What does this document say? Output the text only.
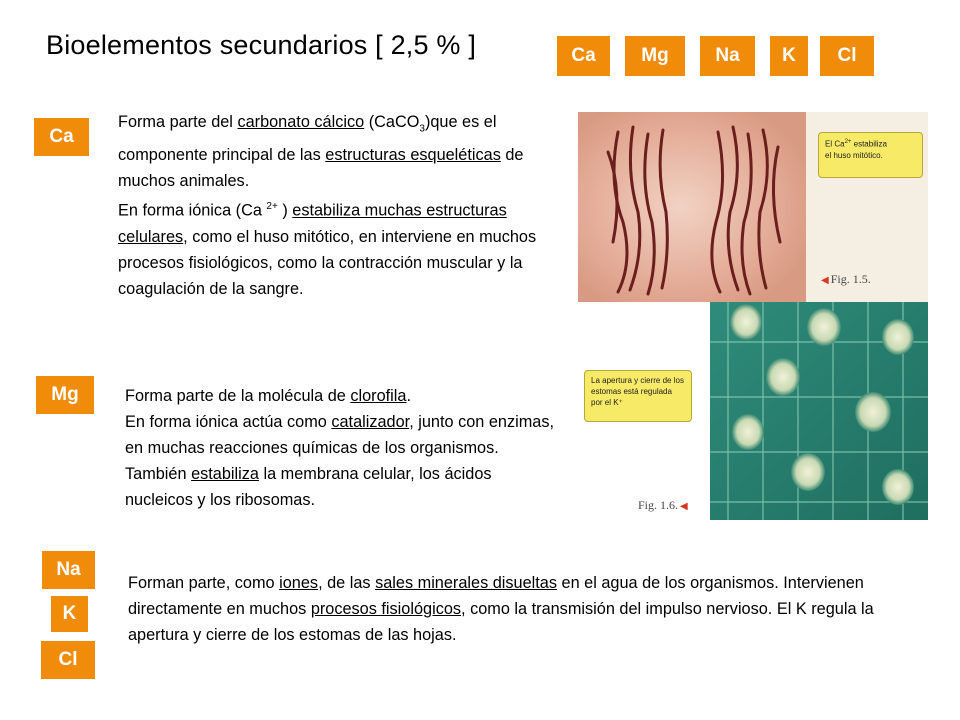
Bioelementos secundarios [ 2,5 % ]	Ca	Mg	Na	K	Cl
Ca
Forma parte del carbonato cálcico (CaCO$_3$)que es el componente principal de las estructuras esqueléticas de muchos animales.
En forma iónica (Ca $^{2+}$ ) estabiliza muchas estructuras celulares, como el huso mitótico, en interviene en muchos procesos fisiológicos, como la contracción muscular y la coagulación de la sangre.
El $Ca^{2+}$ estabiliza
el huso mitótico.
◀ Fig. 1.5.
Mg	Forma parte de la molécula de clorofila.
En forma iónica actúa como catalizador, junto con enzimas, en muchas reacciones químicas de los organismos. También estabiliza la membrana celular, los ácidos nucleicos y los ribosomas.
La apertura y cierre de los estomas está regulada por el K⁺
Fig. 1.6. ◀
Na
K
Cl
Forman parte, como iones, de las sales minerales disueltas en el agua de los organismos. Intervienen directamente en muchos procesos fisiológicos, como la transmisión del impulso nervioso. El K regula la apertura y cierre de los estomas de las hojas.
